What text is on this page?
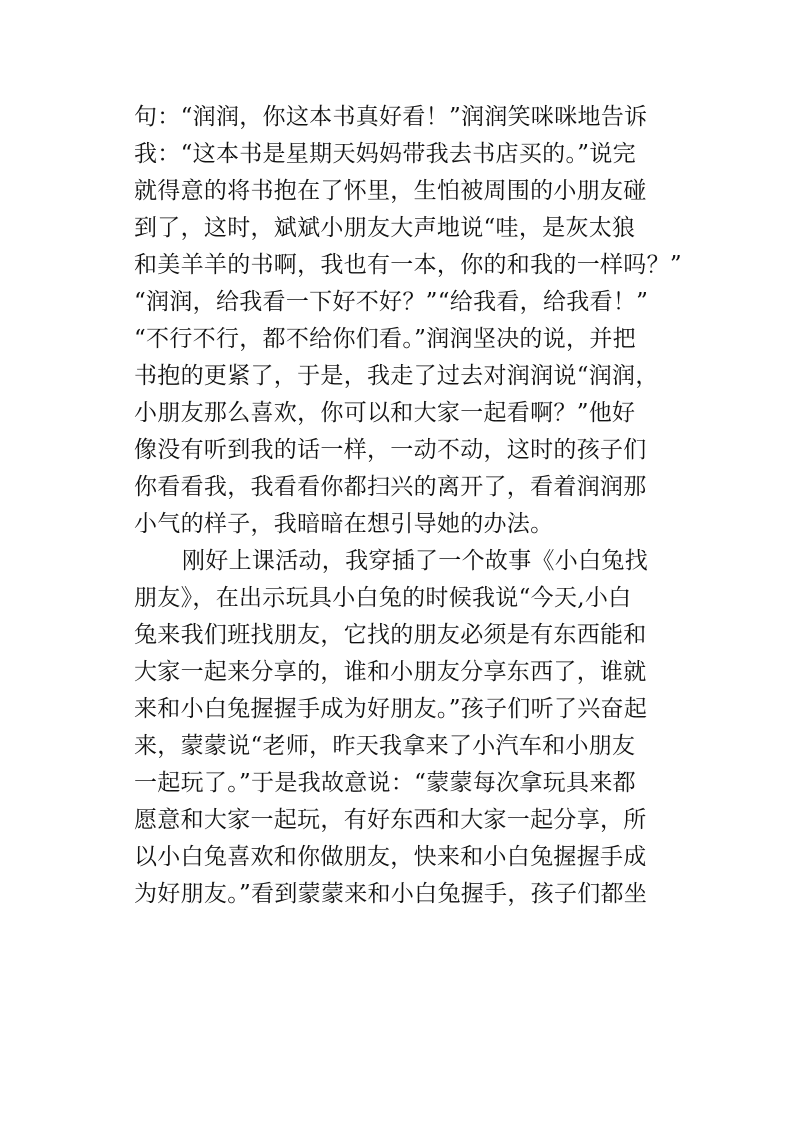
句：“润润，你这本书真好看！”润润笑咪咪地告诉
我：“这本书是星期天妈妈带我去书店买的。”说完
就得意的将书抱在了怀里，生怕被周围的小朋友碰
到了，这时，斌斌小朋友大声地说“哇，是灰太狼
和美羊羊的书啊，我也有一本，你的和我的一样吗？”
“润润，给我看一下好不好？”“给我看，给我看！”
“不行不行，都不给你们看。”润润坚决的说，并把
书抱的更紧了，于是，我走了过去对润润说“润润，
小朋友那么喜欢，你可以和大家一起看啊？”他好
像没有听到我的话一样，一动不动，这时的孩子们
你看看我，我看看你都扫兴的离开了，看着润润那
小气的样子，我暗暗在想引导她的办法。
刚好上课活动，我穿插了一个故事《小白兔找
朋友》，在出示玩具小白兔的时候我说“今天,小白
兔来我们班找朋友，它找的朋友必须是有东西能和
大家一起来分享的，谁和小朋友分享东西了，谁就
来和小白兔握握手成为好朋友。”孩子们听了兴奋起
来，蒙蒙说“老师，昨天我拿来了小汽车和小朋友
一起玩了。”于是我故意说：“蒙蒙每次拿玩具来都
愿意和大家一起玩，有好东西和大家一起分享，所
以小白兔喜欢和你做朋友，快来和小白兔握握手成
为好朋友。”看到蒙蒙来和小白兔握手，孩子们都坐
